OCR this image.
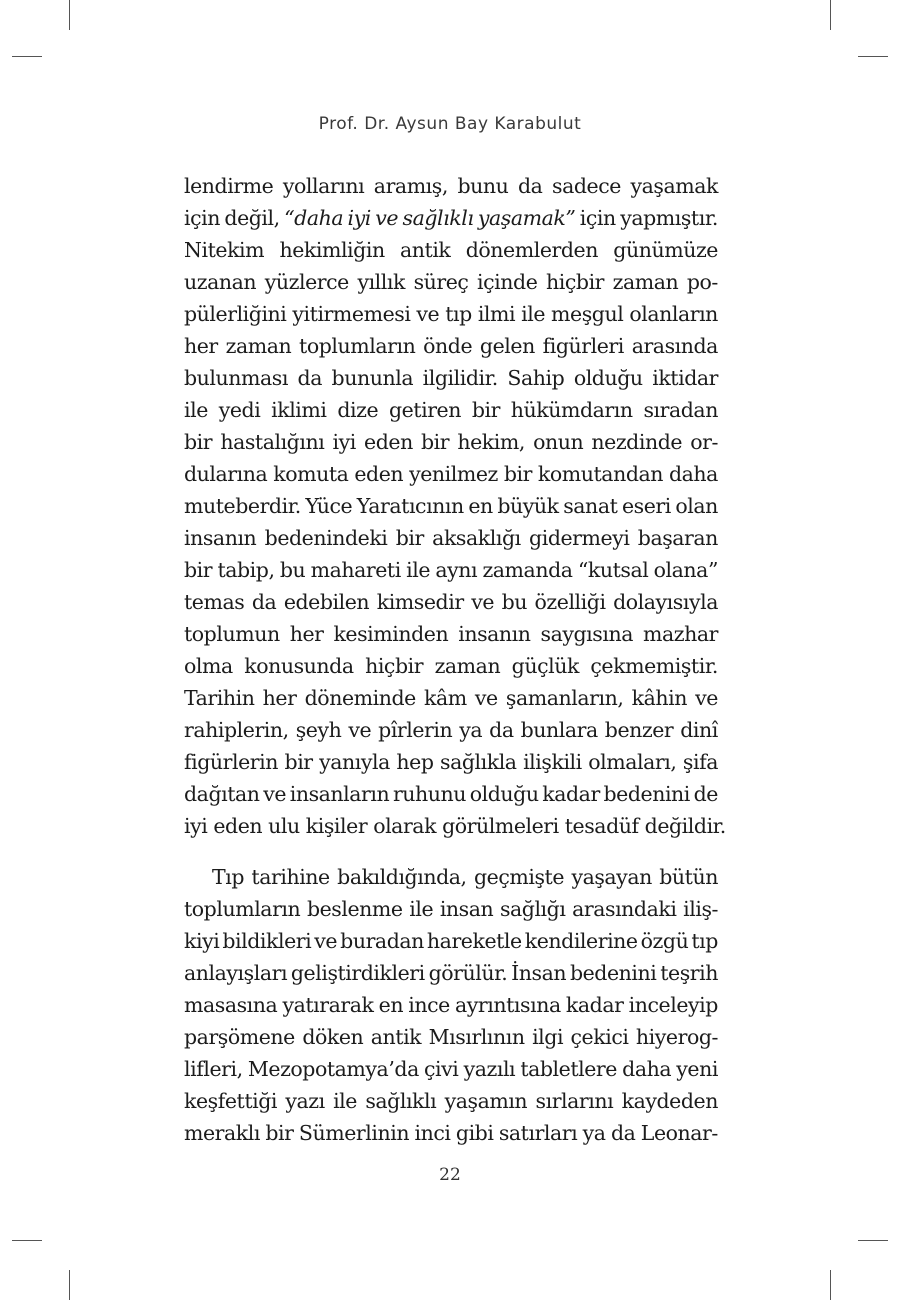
Prof. Dr. Aysun Bay Karabulut
lendirme yollarını aramış, bunu da sadece yaşamak
için değil, “daha iyi ve sağlıklı yaşamak” için yapmıştır.
Nitekim hekimliğin antik dönemlerden günümüze
uzanan yüzlerce yıllık süreç içinde hiçbir zaman po-
pülerliğini yitirmemesi ve tıp ilmi ile meşgul olanların
her zaman toplumların önde gelen figürleri arasında
bulunması da bununla ilgilidir. Sahip olduğu iktidar
ile yedi iklimi dize getiren bir hükümdarın sıradan
bir hastalığını iyi eden bir hekim, onun nezdinde or-
dularına komuta eden yenilmez bir komutandan daha
muteberdir. Yüce Yaratıcının en büyük sanat eseri olan
insanın bedenindeki bir aksaklığı gidermeyi başaran
bir tabip, bu mahareti ile aynı zamanda “kutsal olana”
temas da edebilen kimsedir ve bu özelliği dolayısıyla
toplumun her kesiminden insanın saygısına mazhar
olma konusunda hiçbir zaman güçlük çekmemiştir.
Tarihin her döneminde kâm ve şamanların, kâhin ve
rahiplerin, şeyh ve pîrlerin ya da bunlara benzer dinî
figürlerin bir yanıyla hep sağlıkla ilişkili olmaları, şifa
dağıtan ve insanların ruhunu olduğu kadar bedenini de
iyi eden ulu kişiler olarak görülmeleri tesadüf değildir.
Tıp tarihine bakıldığında, geçmişte yaşayan bütün
toplumların beslenme ile insan sağlığı arasındaki iliş-
kiyi bildikleri ve buradan hareketle kendilerine özgü tıp
anlayışları geliştirdikleri görülür. İnsan bedenini teşrih
masasına yatırarak en ince ayrıntısına kadar inceleyip
parşömene döken antik Mısırlının ilgi çekici hiyerog-
lifleri, Mezopotamya’da çivi yazılı tabletlere daha yeni
keşfettiği yazı ile sağlıklı yaşamın sırlarını kaydeden
meraklı bir Sümerlinin inci gibi satırları ya da Leonar-
22
